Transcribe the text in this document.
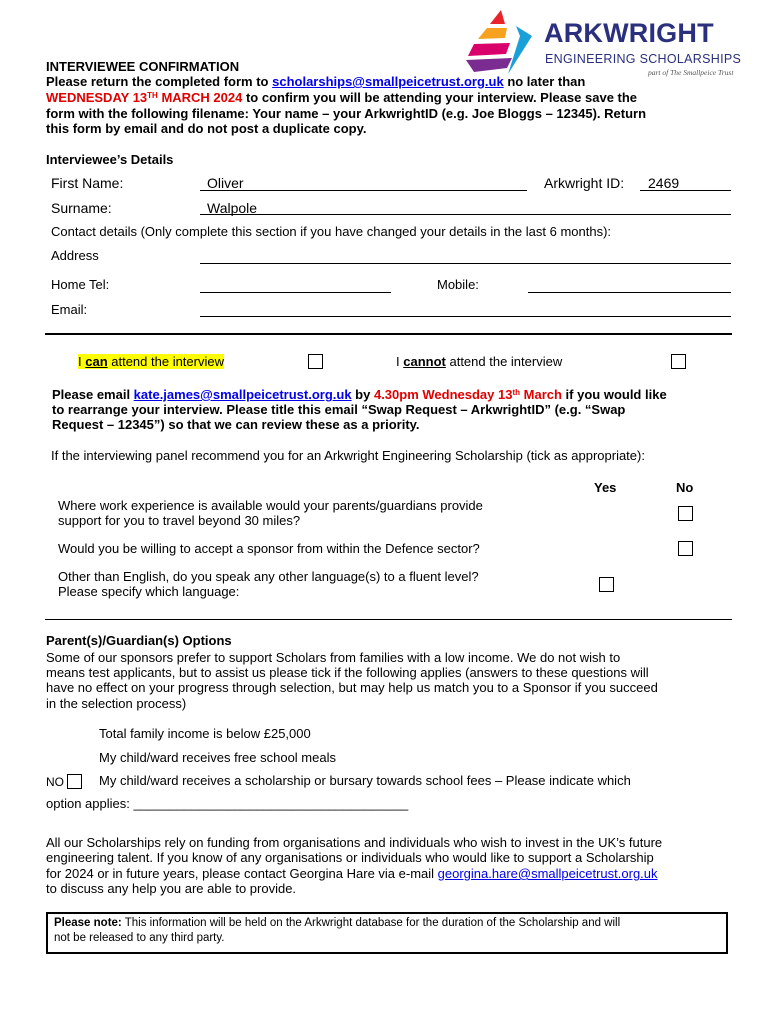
ARKWRIGHT
ENGINEERING SCHOLARSHIPS
part of The Smallpeice Trust
INTERVIEWEE CONFIRMATION
Please return the completed form to scholarships@smallpeicetrust.org.uk no later than
WEDNESDAY 13TH MARCH 2024 to confirm you will be attending your interview. Please save the
form with the following filename: Your name – your ArkwrightID (e.g. Joe Bloggs – 12345). Return
this form by email and do not post a duplicate copy.
Interviewee’s Details
First Name:	Oliver	Arkwright ID: 2469
Surname:	Walpole
Contact details (Only complete this section if you have changed your details in the last 6 months):
Address
Home Tel:	Mobile:
Email:
I can attend the interview	I cannot attend the interview
Please email kate.james@smallpeicetrust.org.uk by 4.30pm Wednesday 13th March if you would like
to rearrange your interview. Please title this email “Swap Request – ArkwrightID” (e.g. “Swap
Request – 12345”) so that we can review these as a priority.
If the interviewing panel recommend you for an Arkwright Engineering Scholarship (tick as appropriate):
Yes	No
Where work experience is available would your parents/guardians provide
support for you to travel beyond 30 miles?
Would you be willing to accept a sponsor from within the Defence sector?
Other than English, do you speak any other language(s) to a fluent level?
Please specify which language:
Parent(s)/Guardian(s) Options
Some of our sponsors prefer to support Scholars from families with a low income. We do not wish to
means test applicants, but to assist us please tick if the following applies (answers to these questions will
have no effect on your progress through selection, but may help us match you to a Sponsor if you succeed
in the selection process)
Total family income is below £25,000
My child/ward receives free school meals
NO	My child/ward receives a scholarship or bursary towards school fees – Please indicate which
option applies: ______________________________________
All our Scholarships rely on funding from organisations and individuals who wish to invest in the UK’s future
engineering talent. If you know of any organisations or individuals who would like to support a Scholarship
for 2024 or in future years, please contact Georgina Hare via e-mail georgina.hare@smallpeicetrust.org.uk
to discuss any help you are able to provide.
Please note: This information will be held on the Arkwright database for the duration of the Scholarship and will
not be released to any third party.
